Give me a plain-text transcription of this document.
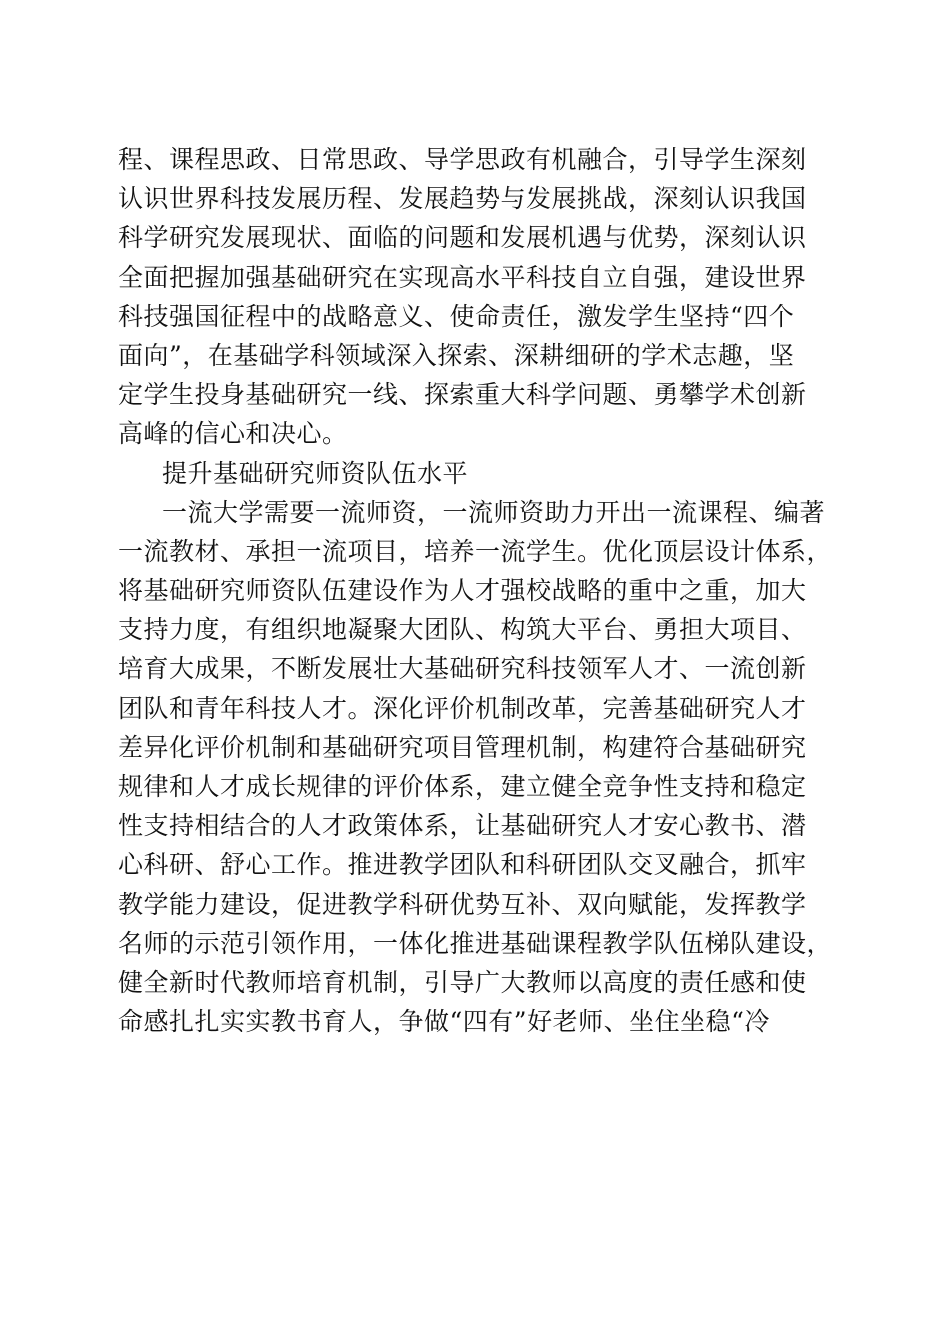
程、课程思政、日常思政、导学思政有机融合，引导学生深刻
认识世界科技发展历程、发展趋势与发展挑战，深刻认识我国
科学研究发展现状、面临的问题和发展机遇与优势，深刻认识
全面把握加强基础研究在实现高水平科技自立自强，建设世界
科技强国征程中的战略意义、使命责任，激发学生坚持“四个
面向”，在基础学科领域深入探索、深耕细研的学术志趣，坚
定学生投身基础研究一线、探索重大科学问题、勇攀学术创新
高峰的信心和决心。
提升基础研究师资队伍水平
一流大学需要一流师资，一流师资助力开出一流课程、编著
一流教材、承担一流项目，培养一流学生。优化顶层设计体系，
将基础研究师资队伍建设作为人才强校战略的重中之重，加大
支持力度，有组织地凝聚大团队、构筑大平台、勇担大项目、
培育大成果，不断发展壮大基础研究科技领军人才、一流创新
团队和青年科技人才。深化评价机制改革，完善基础研究人才
差异化评价机制和基础研究项目管理机制，构建符合基础研究
规律和人才成长规律的评价体系，建立健全竞争性支持和稳定
性支持相结合的人才政策体系，让基础研究人才安心教书、潜
心科研、舒心工作。推进教学团队和科研团队交叉融合，抓牢
教学能力建设，促进教学科研优势互补、双向赋能，发挥教学
名师的示范引领作用，一体化推进基础课程教学队伍梯队建设，
健全新时代教师培育机制，引导广大教师以高度的责任感和使
命感扎扎实实教书育人，争做“四有”好老师、坐住坐稳“冷
